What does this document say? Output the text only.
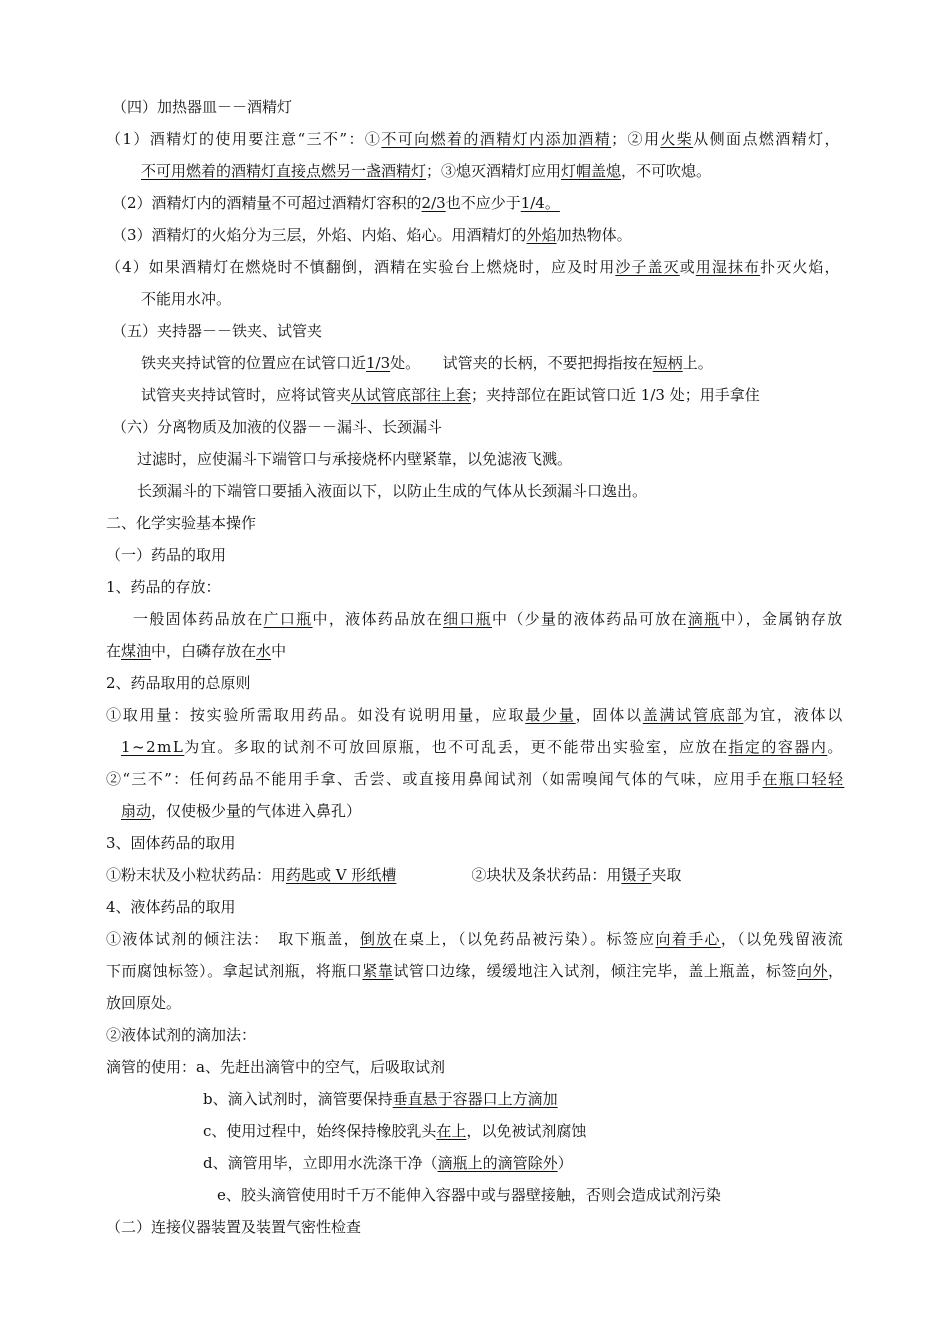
（四）加热器皿－－酒精灯
（1）酒精灯的使用要注意“三不”：①不可向燃着的酒精灯内添加酒精；②用火柴从侧面点燃酒精灯，
不可用燃着的酒精灯直接点燃另一盏酒精灯；③熄灭酒精灯应用灯帽盖熄，不可吹熄。
（2）酒精灯内的酒精量不可超过酒精灯容积的2/3也不应少于1/4。
（3）酒精灯的火焰分为三层，外焰、内焰、焰心。用酒精灯的外焰加热物体。
（4）如果酒精灯在燃烧时不慎翻倒，酒精在实验台上燃烧时，应及时用沙子盖灭或用湿抹布扑灭火焰，
不能用水冲。
（五）夹持器－－铁夹、试管夹
铁夹夹持试管的位置应在试管口近1/3处。　　试管夹的长柄，不要把拇指按在短柄上。
试管夹夹持试管时，应将试管夹从试管底部往上套；夹持部位在距试管口近 1/3 处；用手拿住
（六）分离物质及加液的仪器－－漏斗、长颈漏斗
过滤时，应使漏斗下端管口与承接烧杯内壁紧靠，以免滤液飞溅。
长颈漏斗的下端管口要插入液面以下，以防止生成的气体从长颈漏斗口逸出。
二、化学实验基本操作
（一）药品的取用
1、药品的存放：
一般固体药品放在广口瓶中，液体药品放在细口瓶中（少量的液体药品可放在滴瓶中），金属钠存放
在煤油中，白磷存放在水中
2、药品取用的总原则
①取用量：按实验所需取用药品。如没有说明用量，应取最少量，固体以盖满试管底部为宜，液体以
1~2mL为宜。多取的试剂不可放回原瓶，也不可乱丢，更不能带出实验室，应放在指定的容器内。
②“三不”：任何药品不能用手拿、舌尝、或直接用鼻闻试剂（如需嗅闻气体的气味，应用手在瓶口轻轻
扇动，仅使极少量的气体进入鼻孔）
3、固体药品的取用
①粉末状及小粒状药品：用药匙或 V 形纸槽　　　　　②块状及条状药品：用镊子夹取
4、液体药品的取用
①液体试剂的倾注法：　取下瓶盖，倒放在桌上，（以免药品被污染）。标签应向着手心，（以免残留液流
下而腐蚀标签）。拿起试剂瓶，将瓶口紧靠试管口边缘，缓缓地注入试剂，倾注完毕，盖上瓶盖，标签向外，
放回原处。
②液体试剂的滴加法：
滴管的使用：a、先赶出滴管中的空气，后吸取试剂
b、滴入试剂时，滴管要保持垂直悬于容器口上方滴加
c、使用过程中，始终保持橡胶乳头在上，以免被试剂腐蚀
d、滴管用毕，立即用水洗涤干净（滴瓶上的滴管除外）
e、胶头滴管使用时千万不能伸入容器中或与器壁接触，否则会造成试剂污染
（二）连接仪器装置及装置气密性检查
